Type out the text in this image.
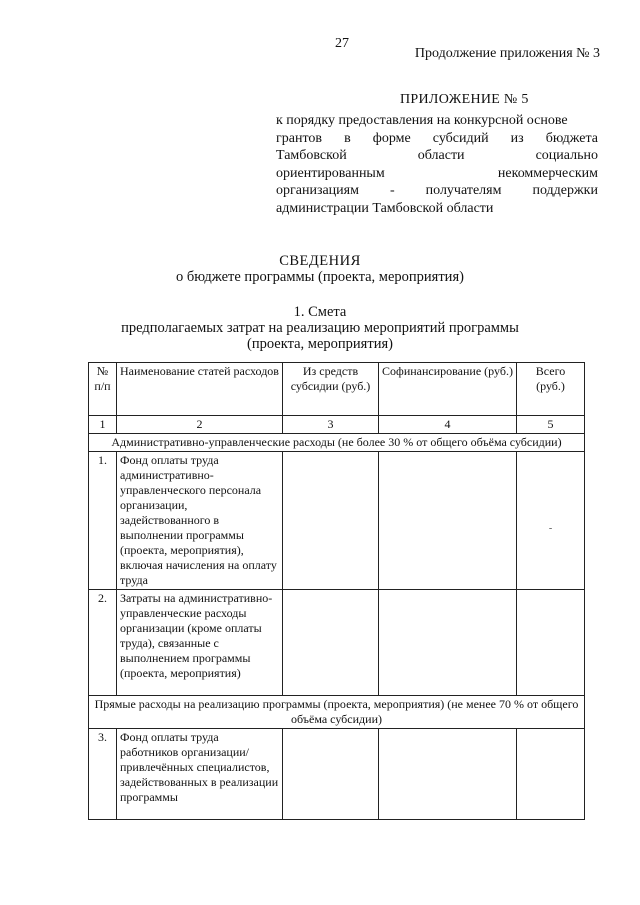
27
Продолжение приложения № 3
ПРИЛОЖЕНИЕ № 5
к порядку предоставления на конкурсной основе
грантов в форме субсидий из бюджета
Тамбовской	области	социально
ориентированным	некоммерческим
организациям - получателям поддержки
администрации Тамбовской области
СВЕДЕНИЯ
о бюджете программы (проекта, мероприятия)
1. Смета
предполагаемых затрат на реализацию мероприятий программы
(проекта, мероприятия)
№ п/п	Наименование статей расходов	Из средств субсидии (руб.)	Софинансирование (руб.)	Всего (руб.)
1	2	3	4	5
Административно-управленческие расходы (не более 30 % от общего объёма субсидии)				
1.	Фонд оплаты труда административно-управленческого персонала организации, задействованного в выполнении программы (проекта, мероприятия), включая начисления на оплату труда			-
2.	Затраты на административно-управленческие расходы организации (кроме оплаты труда), связанные с выполнением программы (проекта, мероприятия)			
Прямые расходы на реализацию программы (проекта, мероприятия) (не менее 70 % от общего объёма субсидии)				
3.	Фонд оплаты труда работников организации/ привлечённых специалистов, задействованных в реализации программы			
